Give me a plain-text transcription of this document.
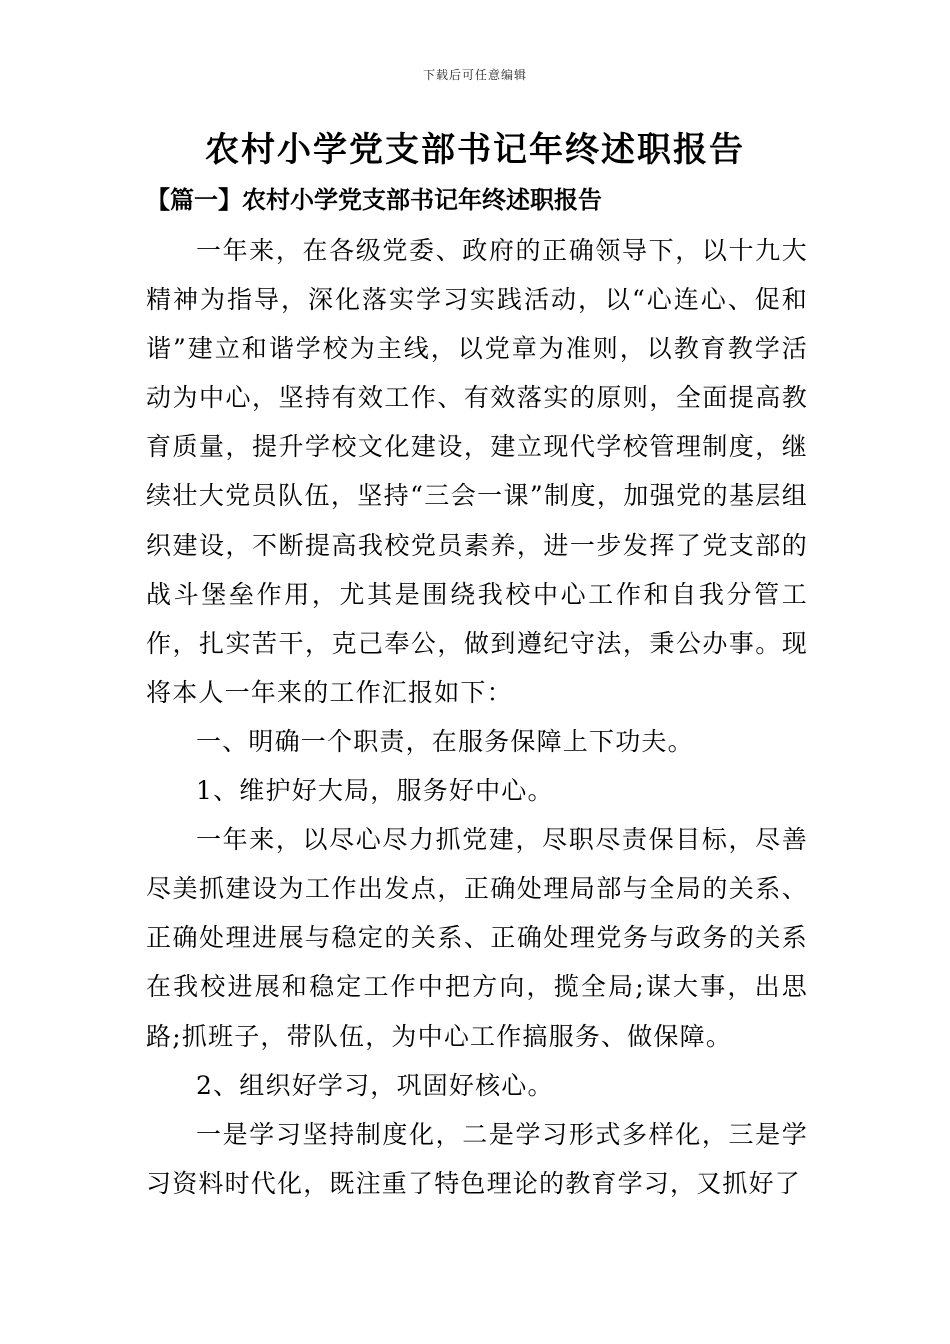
下载后可任意编辑
农村小学党支部书记年终述职报告
【篇一】农村小学党支部书记年终述职报告

一年来，在各级党委、政府的正确领导下，以十九大精神为指导，深化落实学习实践活动，以“心连心、促和谐”建立和谐学校为主线，以党章为准则，以教育教学活动为中心，坚持有效工作、有效落实的原则，全面提高教育质量，提升学校文化建设，建立现代学校管理制度，继续壮大党员队伍，坚持“三会一课”制度，加强党的基层组织建设，不断提高我校党员素养，进一步发挥了党支部的战斗堡垒作用，尤其是围绕我校中心工作和自我分管工作，扎实苦干，克己奉公，做到遵纪守法，秉公办事。现将本人一年来的工作汇报如下：

一、明确一个职责，在服务保障上下功夫。

1、维护好大局，服务好中心。

一年来，以尽心尽力抓党建，尽职尽责保目标，尽善尽美抓建设为工作出发点，正确处理局部与全局的关系、正确处理进展与稳定的关系、正确处理党务与政务的关系在我校进展和稳定工作中把方向，揽全局;谋大事，出思路;抓班子，带队伍，为中心工作搞服务、做保障。

2、组织好学习，巩固好核心。

一是学习坚持制度化，二是学习形式多样化，三是学习资料时代化，既注重了特色理论的教育学习，又抓好了
